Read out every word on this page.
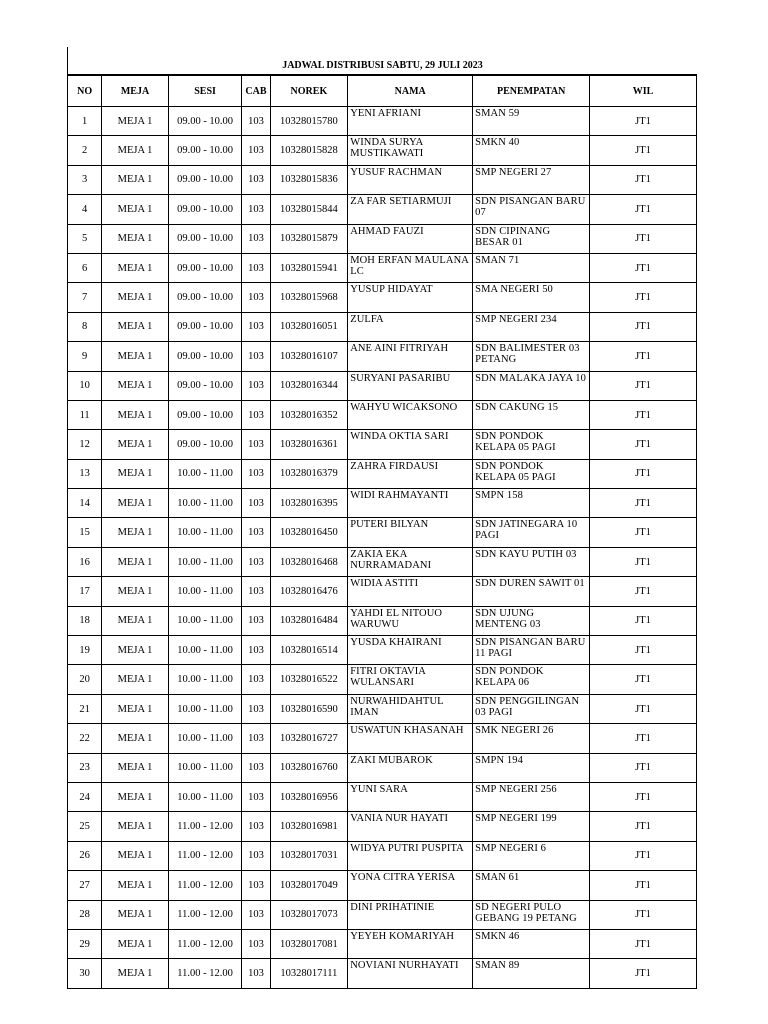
JADWAL DISTRIBUSI SABTU, 29 JULI 2023
NO	MEJA	SESI	CAB	NOREK	NAMA	PENEMPATAN	WIL
1	MEJA 1	09.00 - 10.00	103	10328015780	YENI AFRIANI	SMAN 59	JT1
2	MEJA 1	09.00 - 10.00	103	10328015828	WINDA SURYA MUSTIKAWATI	SMKN 40	JT1
3	MEJA 1	09.00 - 10.00	103	10328015836	YUSUF RACHMAN	SMP NEGERI 27	JT1
4	MEJA 1	09.00 - 10.00	103	10328015844	ZA FAR SETIARMUJI	SDN PISANGAN BARU 07	JT1
5	MEJA 1	09.00 - 10.00	103	10328015879	AHMAD FAUZI	SDN CIPINANG BESAR 01	JT1
6	MEJA 1	09.00 - 10.00	103	10328015941	MOH ERFAN MAULANA LC	SMAN 71	JT1
7	MEJA 1	09.00 - 10.00	103	10328015968	YUSUP HIDAYAT	SMA NEGERI 50	JT1
8	MEJA 1	09.00 - 10.00	103	10328016051	ZULFA	SMP NEGERI 234	JT1
9	MEJA 1	09.00 - 10.00	103	10328016107	ANE AINI FITRIYAH	SDN BALIMESTER 03 PETANG	JT1
10	MEJA 1	09.00 - 10.00	103	10328016344	SURYANI PASARIBU	SDN MALAKA JAYA 10	JT1
11	MEJA 1	09.00 - 10.00	103	10328016352	WAHYU WICAKSONO	SDN CAKUNG 15	JT1
12	MEJA 1	09.00 - 10.00	103	10328016361	WINDA OKTIA SARI	SDN PONDOK KELAPA 05 PAGI	JT1
13	MEJA 1	10.00 - 11.00	103	10328016379	ZAHRA FIRDAUSI	SDN PONDOK KELAPA 05 PAGI	JT1
14	MEJA 1	10.00 - 11.00	103	10328016395	WIDI RAHMAYANTI	SMPN 158	JT1
15	MEJA 1	10.00 - 11.00	103	10328016450	PUTERI BILYAN	SDN JATINEGARA 10 PAGI	JT1
16	MEJA 1	10.00 - 11.00	103	10328016468	ZAKIA EKA NURRAMADANI	SDN KAYU PUTIH 03	JT1
17	MEJA 1	10.00 - 11.00	103	10328016476	WIDIA ASTITI	SDN DUREN SAWIT 01	JT1
18	MEJA 1	10.00 - 11.00	103	10328016484	YAHDI EL NITOUO WARUWU	SDN UJUNG MENTENG 03	JT1
19	MEJA 1	10.00 - 11.00	103	10328016514	YUSDA KHAIRANI	SDN PISANGAN BARU 11 PAGI	JT1
20	MEJA 1	10.00 - 11.00	103	10328016522	FITRI OKTAVIA WULANSARI	SDN PONDOK KELAPA 06	JT1
21	MEJA 1	10.00 - 11.00	103	10328016590	NURWAHIDAHTUL IMAN	SDN PENGGILINGAN 03 PAGI	JT1
22	MEJA 1	10.00 - 11.00	103	10328016727	USWATUN KHASANAH	SMK NEGERI 26	JT1
23	MEJA 1	10.00 - 11.00	103	10328016760	ZAKI MUBAROK	SMPN 194	JT1
24	MEJA 1	10.00 - 11.00	103	10328016956	YUNI SARA	SMP NEGERI 256	JT1
25	MEJA 1	11.00 - 12.00	103	10328016981	VANIA NUR HAYATI	SMP NEGERI 199	JT1
26	MEJA 1	11.00 - 12.00	103	10328017031	WIDYA PUTRI PUSPITA	SMP NEGERI 6	JT1
27	MEJA 1	11.00 - 12.00	103	10328017049	YONA CITRA YERISA	SMAN 61	JT1
28	MEJA 1	11.00 - 12.00	103	10328017073	DINI PRIHATINIE	SD NEGERI PULO GEBANG 19 PETANG	JT1
29	MEJA 1	11.00 - 12.00	103	10328017081	YEYEH KOMARIYAH	SMKN 46	JT1
30	MEJA 1	11.00 - 12.00	103	10328017111	NOVIANI NURHAYATI	SMAN 89	JT1
